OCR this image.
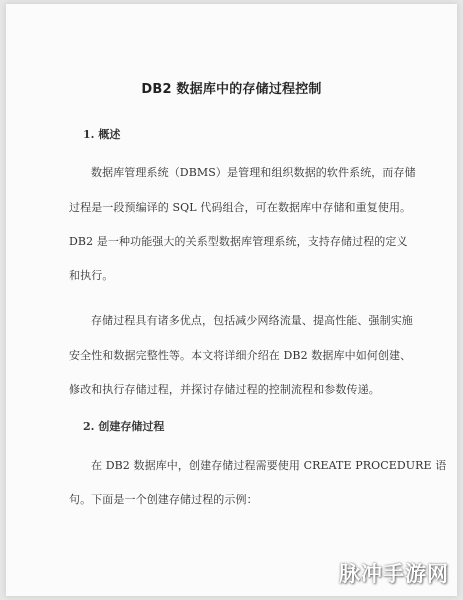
DB2 数据库中的存储过程控制
1. 概述

数据库管理系统（DBMS）是管理和组织数据的软件系统，而存储

过程是一段预编译的 SQL 代码组合，可在数据库中存储和重复使用。

DB2 是一种功能强大的关系型数据库管理系统，支持存储过程的定义

和执行。

存储过程具有诸多优点，包括减少网络流量、提高性能、强制实施

安全性和数据完整性等。本文将详细介绍在 DB2 数据库中如何创建、

修改和执行存储过程，并探讨存储过程的控制流程和参数传递。

2. 创建存储过程

在 DB2 数据库中，创建存储过程需要使用 CREATE PROCEDURE 语

句。下面是一个创建存储过程的示例：

脉冲手游网
